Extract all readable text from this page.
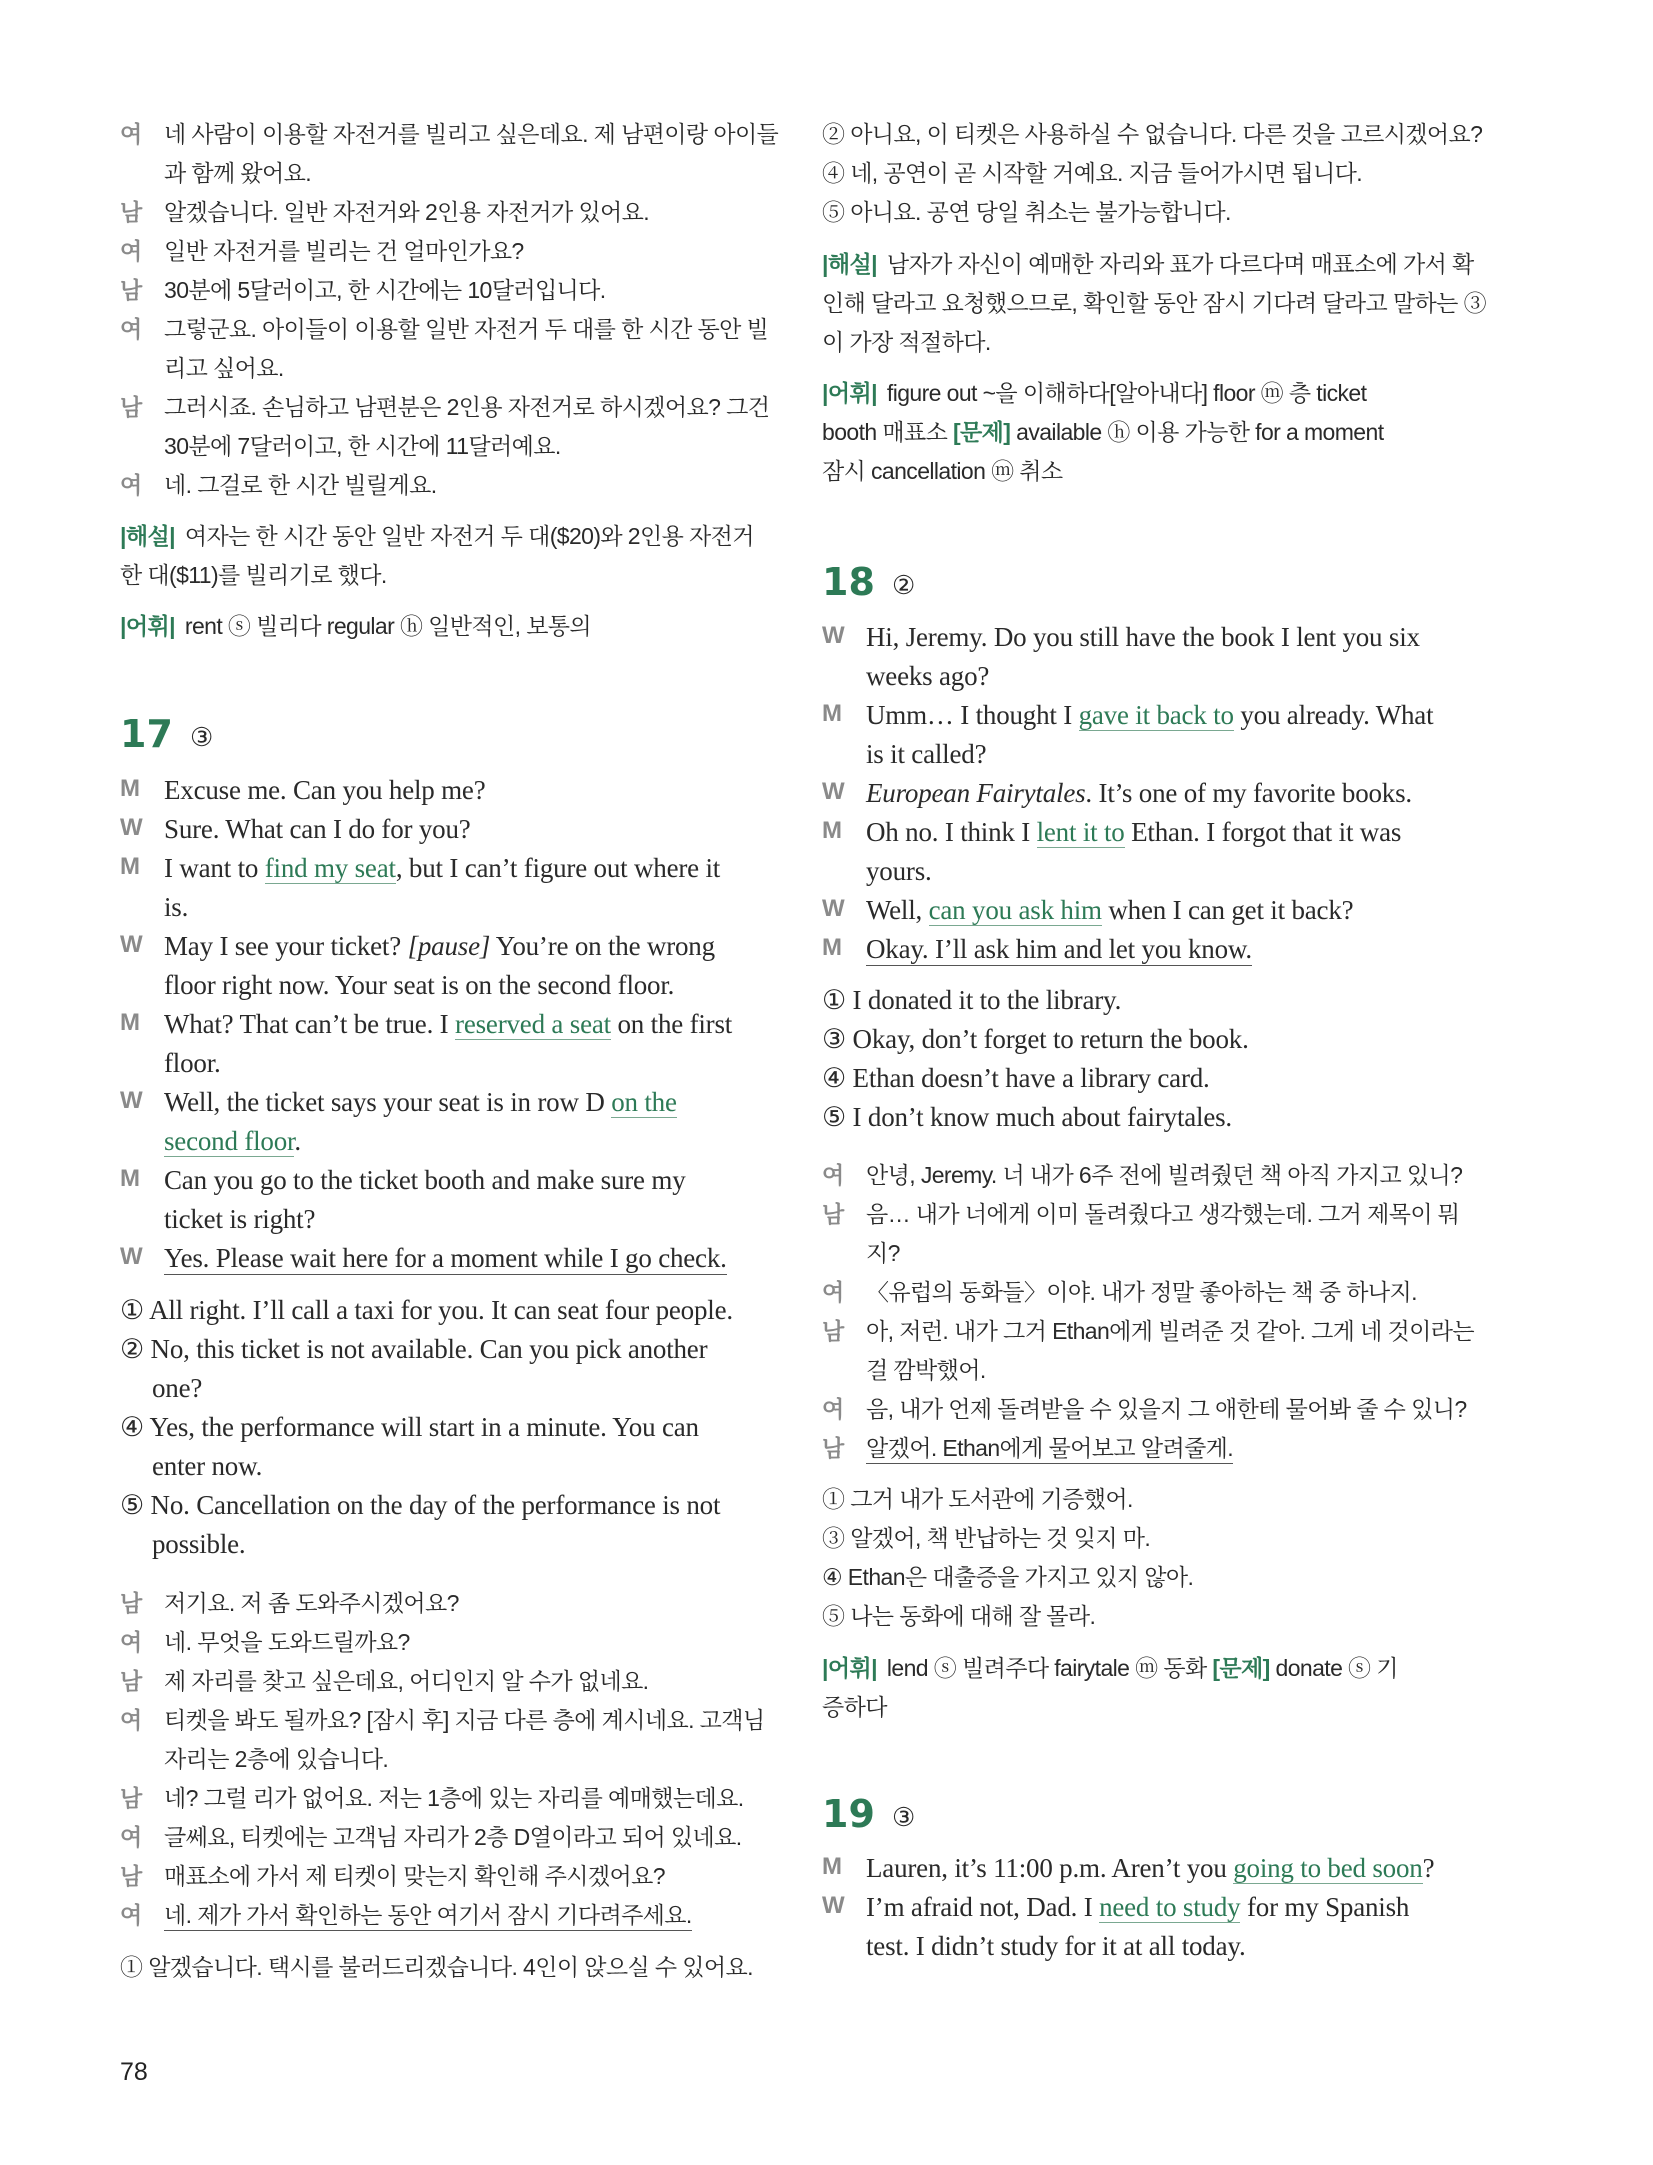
여 네 사람이 이용할 자전거를 빌리고 싶은데요. 제 남편이랑 아이들
과 함께 왔어요.
남 알겠습니다. 일반 자전거와 2인용 자전거가 있어요.
여 일반 자전거를 빌리는 건 얼마인가요?
남 30분에 5달러이고, 한 시간에는 10달러입니다.
여 그렇군요. 아이들이 이용할 일반 자전거 두 대를 한 시간 동안 빌
리고 싶어요.
남 그러시죠. 손님하고 남편분은 2인용 자전거로 하시겠어요? 그건
30분에 7달러이고, 한 시간에 11달러예요.
여 네. 그걸로 한 시간 빌릴게요.
|해설| 여자는 한 시간 동안 일반 자전거 두 대($20)와 2인용 자전거
한 대($11)를 빌리기로 했다.
|어휘| rent ⓢ 빌리다 regular ⓗ 일반적인, 보통의
17 ③
M Excuse me. Can you help me?
W Sure. What can I do for you?
M I want to find my seat, but I can’t figure out where it
is.
W May I see your ticket? [pause] You’re on the wrong
floor right now. Your seat is on the second floor.
M What? That can’t be true. I reserved a seat on the first
floor.
W Well, the ticket says your seat is in row D on the
second floor.
M Can you go to the ticket booth and make sure my
ticket is right?
W Yes. Please wait here for a moment while I go check.
① All right. I’ll call a taxi for you. It can seat four people.
② No, this ticket is not available. Can you pick another
one?
④ Yes, the performance will start in a minute. You can
enter now.
⑤ No. Cancellation on the day of the performance is not
possible.
남 저기요. 저 좀 도와주시겠어요?
여 네. 무엇을 도와드릴까요?
남 제 자리를 찾고 싶은데요, 어디인지 알 수가 없네요.
여 티켓을 봐도 될까요? [잠시 후] 지금 다른 층에 계시네요. 고객님
자리는 2층에 있습니다.
남 네? 그럴 리가 없어요. 저는 1층에 있는 자리를 예매했는데요.
여 글쎄요, 티켓에는 고객님 자리가 2층 D열이라고 되어 있네요.
남 매표소에 가서 제 티켓이 맞는지 확인해 주시겠어요?
여 네. 제가 가서 확인하는 동안 여기서 잠시 기다려주세요.
① 알겠습니다. 택시를 불러드리겠습니다. 4인이 앉으실 수 있어요.
② 아니요, 이 티켓은 사용하실 수 없습니다. 다른 것을 고르시겠어요?
④ 네, 공연이 곧 시작할 거예요. 지금 들어가시면 됩니다.
⑤ 아니요. 공연 당일 취소는 불가능합니다.
|해설| 남자가 자신이 예매한 자리와 표가 다르다며 매표소에 가서 확
인해 달라고 요청했으므로, 확인할 동안 잠시 기다려 달라고 말하는 ③
이 가장 적절하다.
|어휘| figure out ~을 이해하다[알아내다] floor ⓜ 층 ticket
booth 매표소 [문제] available ⓗ 이용 가능한 for a moment
잠시 cancellation ⓜ 취소
18 ②
W Hi, Jeremy. Do you still have the book I lent you six
weeks ago?
M Umm… I thought I gave it back to you already. What
is it called?
W European Fairytales. It’s one of my favorite books.
M Oh no. I think I lent it to Ethan. I forgot that it was
yours.
W Well, can you ask him when I can get it back?
M Okay. I’ll ask him and let you know.
① I donated it to the library.
③ Okay, don’t forget to return the book.
④ Ethan doesn’t have a library card.
⑤ I don’t know much about fairytales.
여 안녕, Jeremy. 너 내가 6주 전에 빌려줬던 책 아직 가지고 있니?
남 음… 내가 너에게 이미 돌려줬다고 생각했는데. 그거 제목이 뭐
지?
여 〈유럽의 동화들〉이야. 내가 정말 좋아하는 책 중 하나지.
남 아, 저런. 내가 그거 Ethan에게 빌려준 것 같아. 그게 네 것이라는
걸 깜박했어.
여 음, 내가 언제 돌려받을 수 있을지 그 애한테 물어봐 줄 수 있니?
남 알겠어. Ethan에게 물어보고 알려줄게.
① 그거 내가 도서관에 기증했어.
③ 알겠어, 책 반납하는 것 잊지 마.
④ Ethan은 대출증을 가지고 있지 않아.
⑤ 나는 동화에 대해 잘 몰라.
|어휘| lend ⓢ 빌려주다 fairytale ⓜ 동화 [문제] donate ⓢ 기
증하다
19 ③
M Lauren, it’s 11:00 p.m. Aren’t you going to bed soon?
W I’m afraid not, Dad. I need to study for my Spanish
test. I didn’t study for it at all today.
78
